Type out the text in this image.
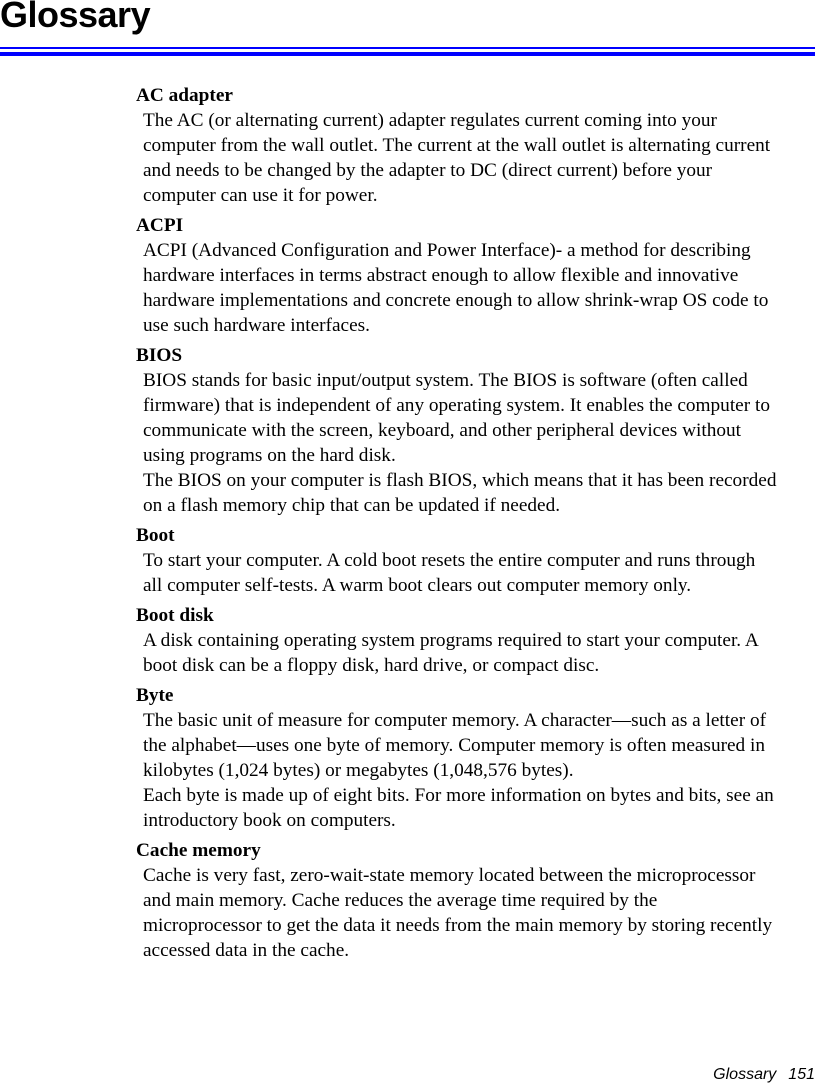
Glossary
AC adapter
The AC (or alternating current) adapter regulates current coming into your
computer from the wall outlet. The current at the wall outlet is alternating current
and needs to be changed by the adapter to DC (direct current) before your
computer can use it for power.
ACPI
ACPI (Advanced Configuration and Power Interface)- a method for describing
hardware interfaces in terms abstract enough to allow flexible and innovative
hardware implementations and concrete enough to allow shrink-wrap OS code to
use such hardware interfaces.
BIOS
BIOS stands for basic input/output system. The BIOS is software (often called
firmware) that is independent of any operating system. It enables the computer to
communicate with the screen, keyboard, and other peripheral devices without
using programs on the hard disk.
The BIOS on your computer is flash BIOS, which means that it has been recorded
on a flash memory chip that can be updated if needed.
Boot
To start your computer. A cold boot resets the entire computer and runs through
all computer self-tests. A warm boot clears out computer memory only.
Boot disk
A disk containing operating system programs required to start your computer. A
boot disk can be a floppy disk, hard drive, or compact disc.
Byte
The basic unit of measure for computer memory. A character—such as a letter of
the alphabet—uses one byte of memory. Computer memory is often measured in
kilobytes (1,024 bytes) or megabytes (1,048,576 bytes).
Each byte is made up of eight bits. For more information on bytes and bits, see an
introductory book on computers.
Cache memory
Cache is very fast, zero-wait-state memory located between the microprocessor
and main memory. Cache reduces the average time required by the
microprocessor to get the data it needs from the main memory by storing recently
accessed data in the cache.
Glossary 151
